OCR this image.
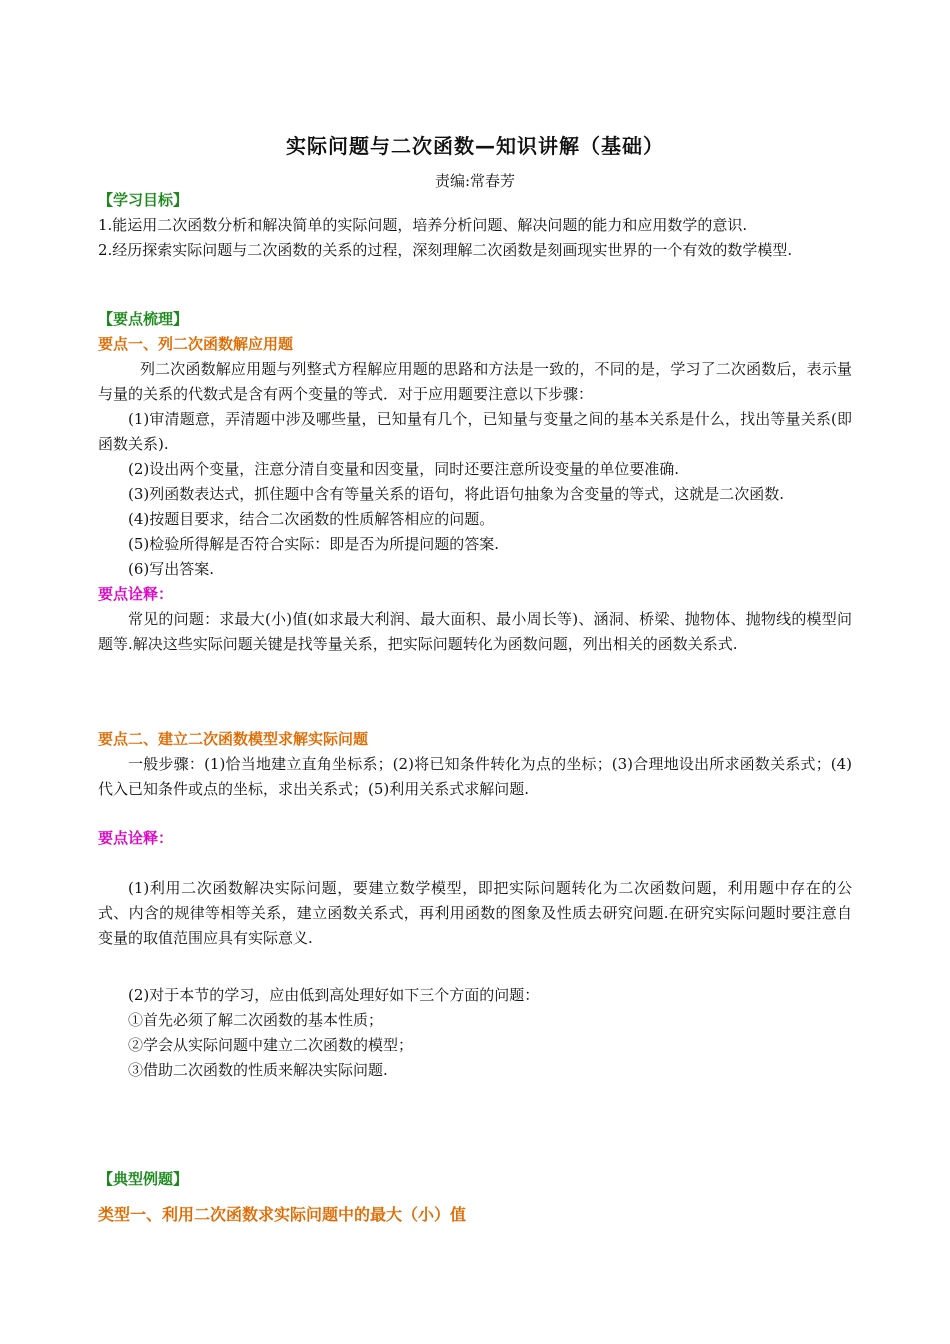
实际问题与二次函数—知识讲解（基础）
责编:常春芳
【学习目标】

1.能运用二次函数分析和解决简单的实际问题，培养分析问题、解决问题的能力和应用数学的意识.

2.经历探索实际问题与二次函数的关系的过程，深刻理解二次函数是刻画现实世界的一个有效的数学模型.

【要点梳理】
要点一、列二次函数解应用题

列二次函数解应用题与列整式方程解应用题的思路和方法是一致的，不同的是，学习了二次函数后，表示量与量的关系的代数式是含有两个变量的等式．对于应用题要注意以下步骤：

(1)审清题意，弄清题中涉及哪些量，已知量有几个，已知量与变量之间的基本关系是什么，找出等量关系(即函数关系).

(2)设出两个变量，注意分清自变量和因变量，同时还要注意所设变量的单位要准确.

(3)列函数表达式，抓住题中含有等量关系的语句，将此语句抽象为含变量的等式，这就是二次函数.

(4)按题目要求，结合二次函数的性质解答相应的问题。

(5)检验所得解是否符合实际：即是否为所提问题的答案.

(6)写出答案.

要点诠释：

常见的问题：求最大(小)值(如求最大利润、最大面积、最小周长等)、涵洞、桥梁、抛物体、抛物线的模型问题等.解决这些实际问题关键是找等量关系，把实际问题转化为函数问题，列出相关的函数关系式.

要点二、建立二次函数模型求解实际问题

一般步骤：(1)恰当地建立直角坐标系；(2)将已知条件转化为点的坐标；(3)合理地设出所求函数关系式；(4)代入已知条件或点的坐标，求出关系式；(5)利用关系式求解问题.

要点诠释：

(1)利用二次函数解决实际问题，要建立数学模型，即把实际问题转化为二次函数问题，利用题中存在的公式、内含的规律等相等关系，建立函数关系式，再利用函数的图象及性质去研究问题.在研究实际问题时要注意自变量的取值范围应具有实际意义.

(2)对于本节的学习，应由低到高处理好如下三个方面的问题：

①首先必须了解二次函数的基本性质；

②学会从实际问题中建立二次函数的模型；

③借助二次函数的性质来解决实际问题.

【典型例题】
类型一、利用二次函数求实际问题中的最大（小）值
